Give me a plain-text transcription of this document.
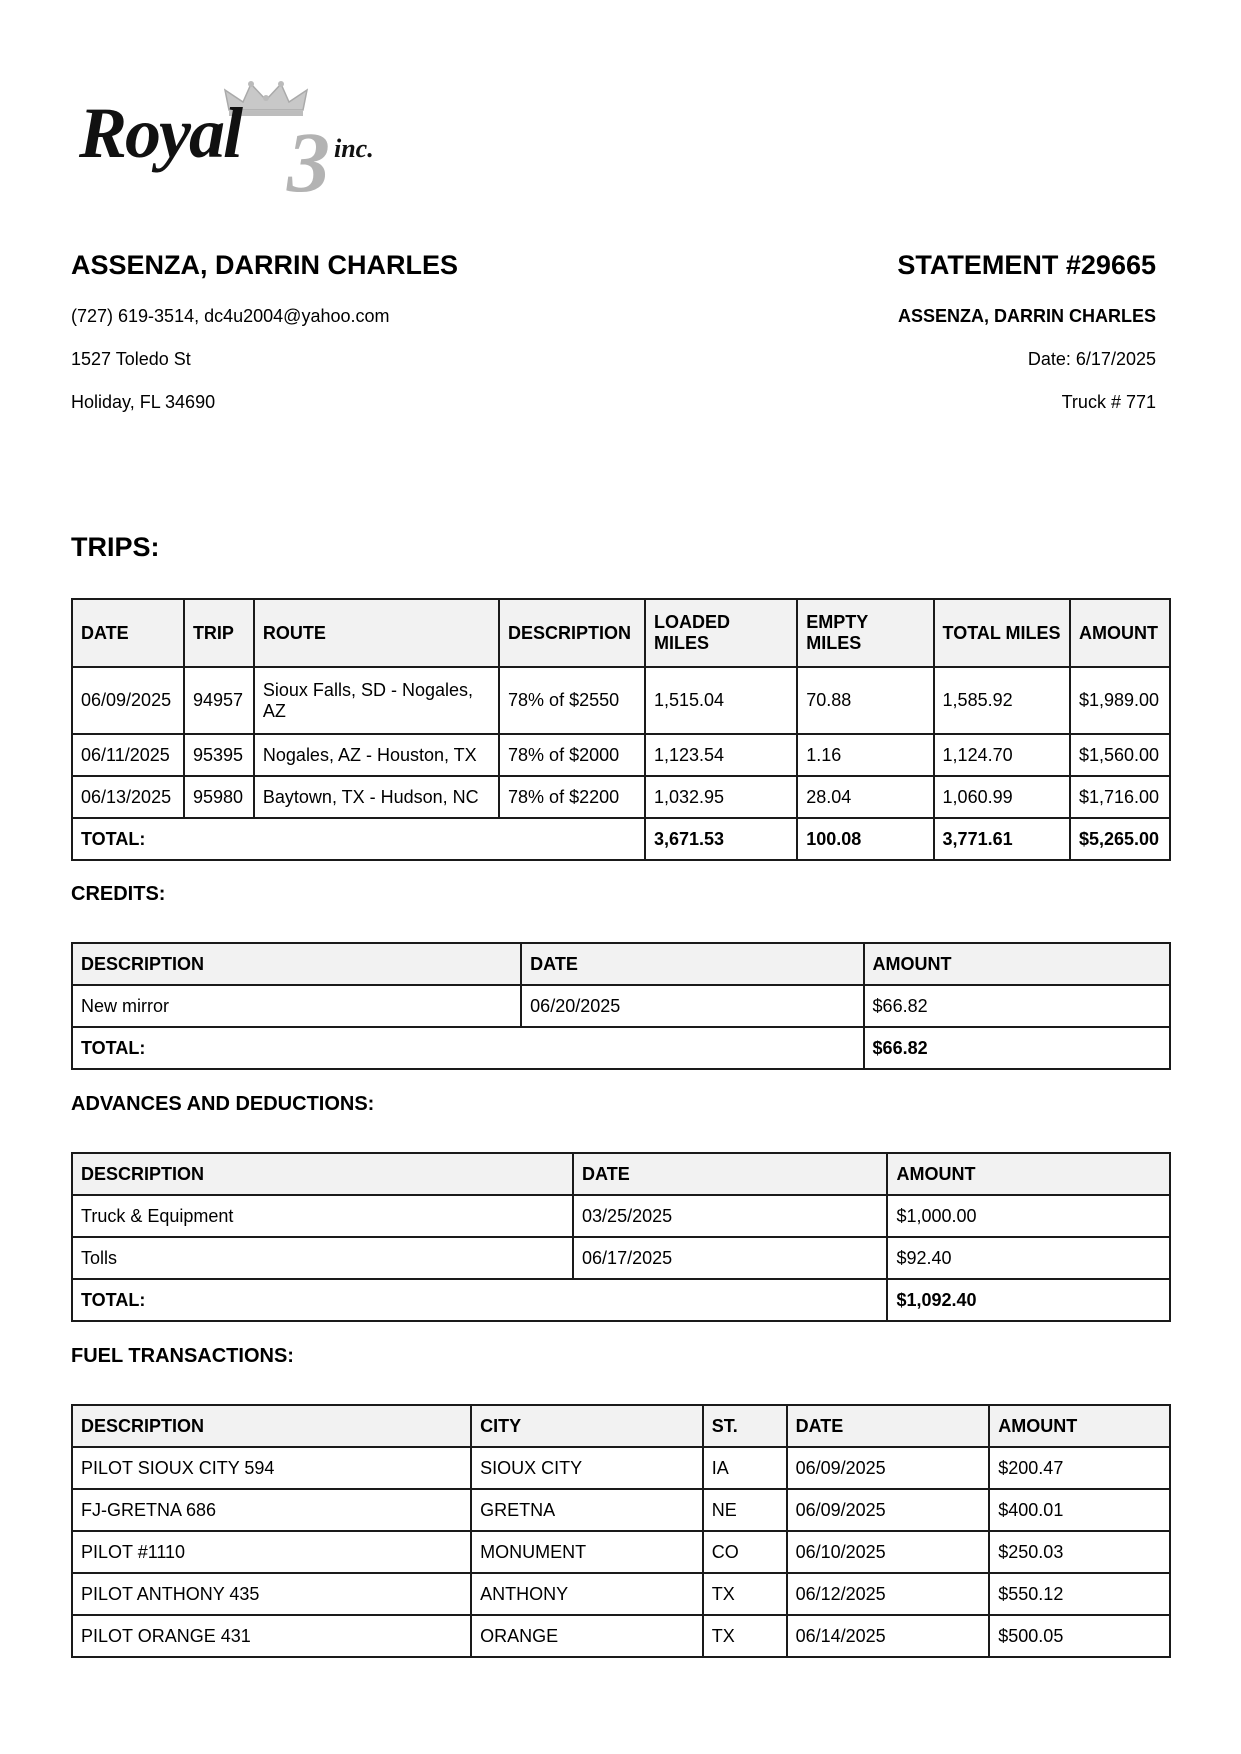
Royal 3 inc.
ASSENZA, DARRIN CHARLES
(727) 619-3514, dc4u2004@yahoo.com
1527 Toledo St
Holiday, FL 34690
STATEMENT #29665
ASSENZA, DARRIN CHARLES
Date: 6/17/2025
Truck # 771
TRIPS:
DATE	TRIP	ROUTE	DESCRIPTION	LOADED MILES	EMPTY MILES	TOTAL MILES	AMOUNT
06/09/2025	94957	Sioux Falls, SD - Nogales, AZ	78% of $2550	1,515.04	70.88	1,585.92	$1,989.00
06/11/2025	95395	Nogales, AZ - Houston, TX	78% of $2000	1,123.54	1.16	1,124.70	$1,560.00
06/13/2025	95980	Baytown, TX - Hudson, NC	78% of $2200	1,032.95	28.04	1,060.99	$1,716.00
TOTAL:				3,671.53	100.08	3,771.61	$5,265.00
CREDITS:
DESCRIPTION	DATE	AMOUNT
New mirror	06/20/2025	$66.82
TOTAL:		$66.82
ADVANCES AND DEDUCTIONS:
DESCRIPTION	DATE	AMOUNT
Truck & Equipment	03/25/2025	$1,000.00
Tolls	06/17/2025	$92.40
TOTAL:		$1,092.40
FUEL TRANSACTIONS:
DESCRIPTION	CITY	ST.	DATE	AMOUNT
PILOT SIOUX CITY 594	SIOUX CITY	IA	06/09/2025	$200.47
FJ-GRETNA 686	GRETNA	NE	06/09/2025	$400.01
PILOT #1110	MONUMENT	CO	06/10/2025	$250.03
PILOT ANTHONY 435	ANTHONY	TX	06/12/2025	$550.12
PILOT ORANGE 431	ORANGE	TX	06/14/2025	$500.05
